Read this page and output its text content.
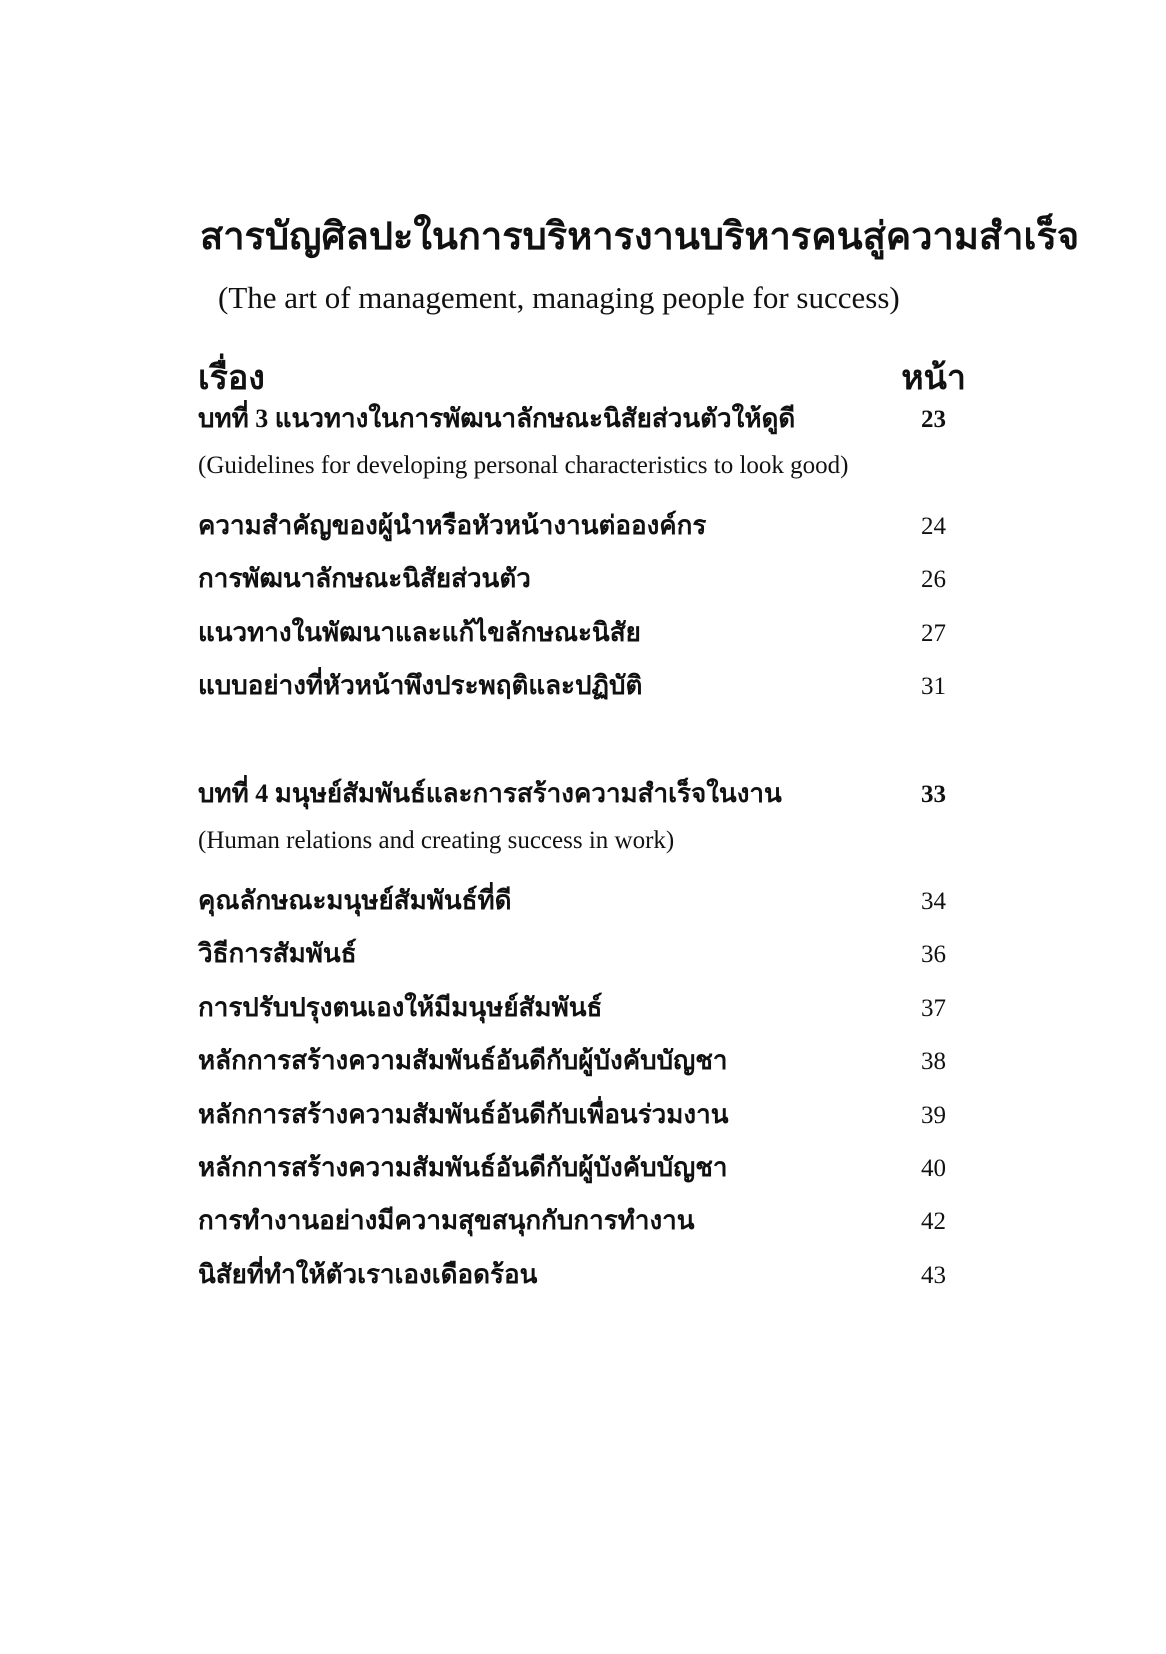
สารบัญศิลปะในการบริหารงานบริหารคนสู่ความสำเร็จ
(The art of management, managing people for success)
เรื่อง	หน้า
บทที่ 3 แนวทางในการพัฒนาลักษณะนิสัยส่วนตัวให้ดูดี	23
(Guidelines for developing personal characteristics to look good)
ความสำคัญของผู้นำหรือหัวหน้างานต่อองค์กร	24
การพัฒนาลักษณะนิสัยส่วนตัว	26
แนวทางในพัฒนาและแก้ไขลักษณะนิสัย	27
แบบอย่างที่หัวหน้าพึงประพฤติและปฏิบัติ	31
บทที่ 4 มนุษย์สัมพันธ์และการสร้างความสำเร็จในงาน	33
(Human relations and creating success in work)
คุณลักษณะมนุษย์สัมพันธ์ที่ดี	34
วิธีการสัมพันธ์	36
การปรับปรุงตนเองให้มีมนุษย์สัมพันธ์	37
หลักการสร้างความสัมพันธ์อันดีกับผู้บังคับบัญชา	38
หลักการสร้างความสัมพันธ์อันดีกับเพื่อนร่วมงาน	39
หลักการสร้างความสัมพันธ์อันดีกับผู้บังคับบัญชา	40
การทำงานอย่างมีความสุขสนุกกับการทำงาน	42
นิสัยที่ทำให้ตัวเราเองเดือดร้อน	43
